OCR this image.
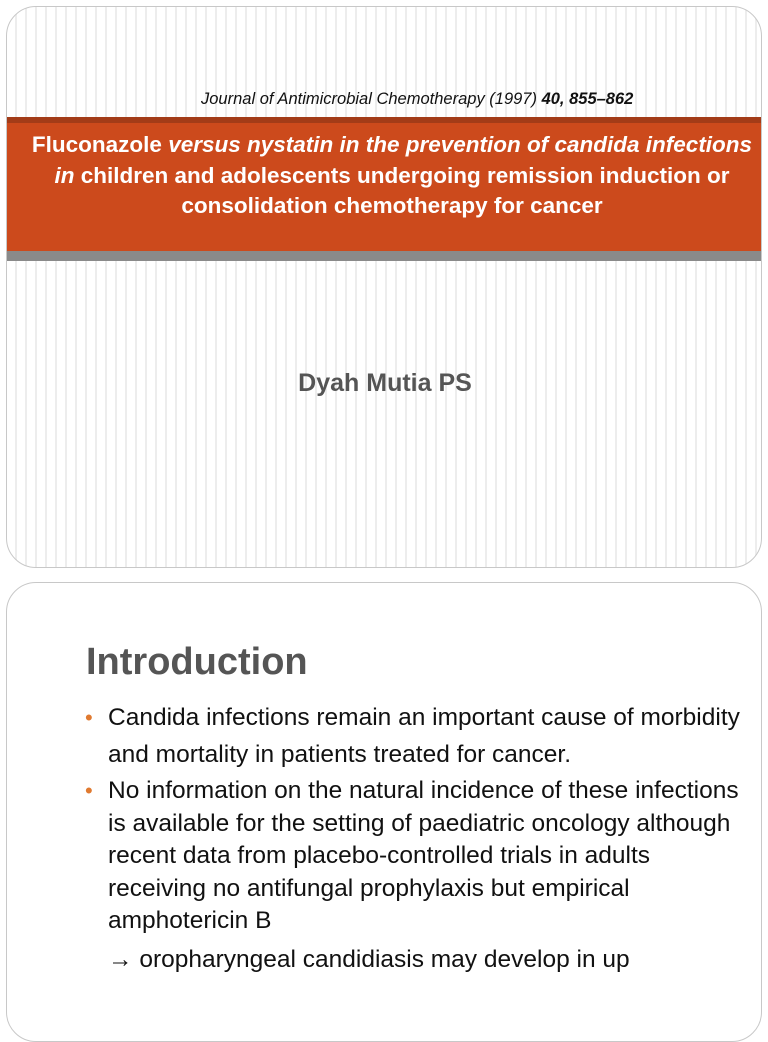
Journal of Antimicrobial Chemotherapy (1997) 40, 855–862
Fluconazole versus nystatin in the prevention of candida infections
in children and adolescents undergoing remission induction or consolidation chemotherapy for cancer
Dyah Mutia PS
Introduction
• Candida infections remain an important cause of morbidity
and mortality in patients treated for cancer.
• No information on the natural incidence of these infections is available for the setting of paediatric oncology although recent data from placebo-controlled trials in adults receiving no antifungal prophylaxis but empirical amphotericin B
→ oropharyngeal candidiasis may develop in up
